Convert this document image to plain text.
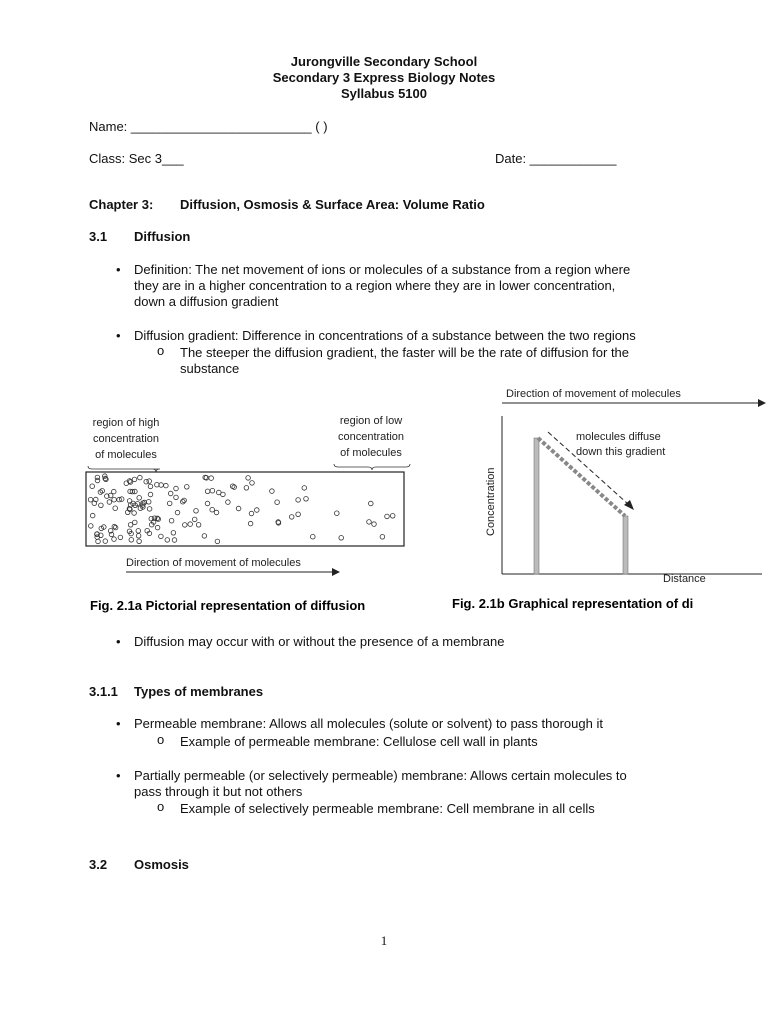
Jurongville Secondary School
Secondary 3 Express Biology Notes
Syllabus 5100
Name: _________________________ ( )
Class: Sec 3___	Date: ____________
Chapter 3: Diffusion, Osmosis & Surface Area: Volume Ratio
3.1 Diffusion
• Definition: The net movement of ions or molecules of a substance from a region where
they are in a higher concentration to a region where they are in lower concentration,
down a diffusion gradient
• Diffusion gradient: Difference in concentrations of a substance between the two regions
o The steeper the diffusion gradient, the faster will be the rate of diffusion for the
substance
region of high
concentration
of molecules
region of low
concentration
of molecules
Direction of movement of molecules
Fig. 2.1a Pictorial representation of diffusion
Direction of movement of molecules
Concentration
Distance
molecules diffuse
down this gradient
Fig. 2.1b Graphical representation of di
• Diffusion may occur with or without the presence of a membrane
3.1.1 Types of membranes
• Permeable membrane: Allows all molecules (solute or solvent) to pass thorough it
o Example of permeable membrane: Cellulose cell wall in plants
• Partially permeable (or selectively permeable) membrane: Allows certain molecules to
pass through it but not others
o Example of selectively permeable membrane: Cell membrane in all cells
3.2 Osmosis
1
